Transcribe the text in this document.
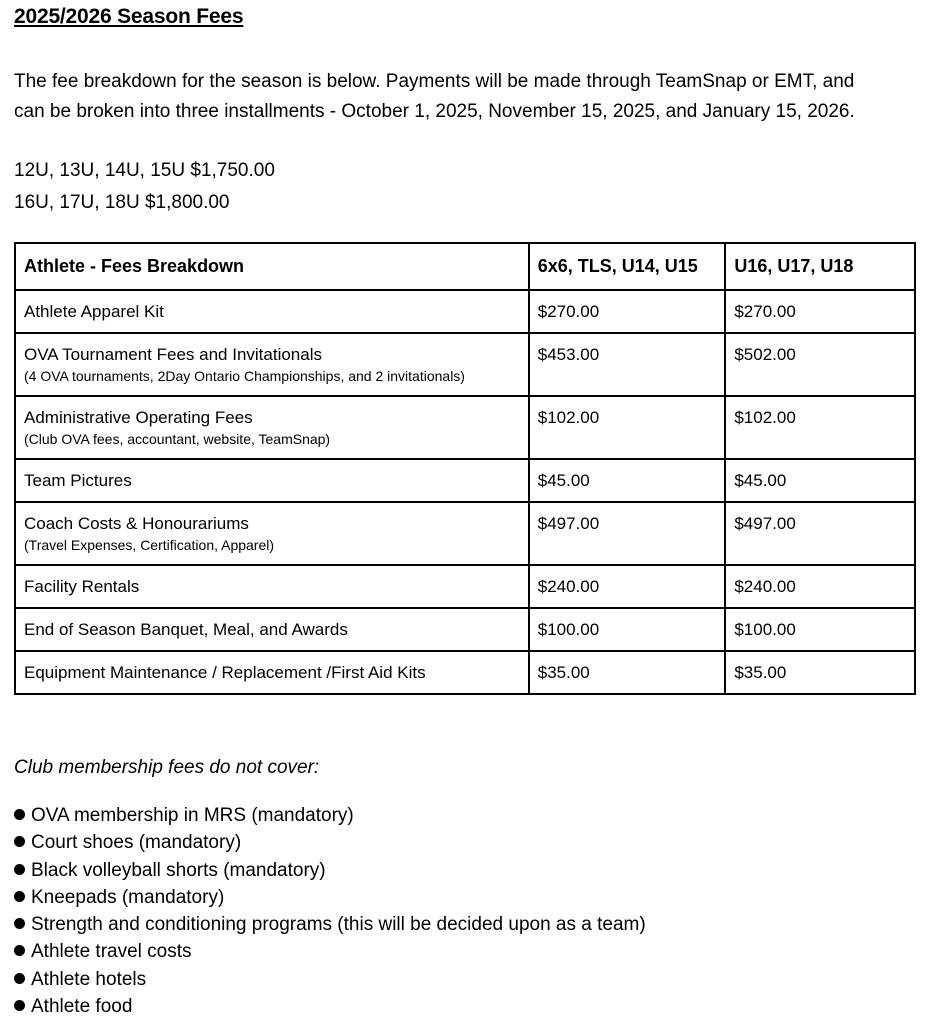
2025/2026 Season Fees

The fee breakdown for the season is below. Payments will be made through TeamSnap or EMT, and

can be broken into three installments - October 1, 2025, November 15, 2025, and January 15, 2026.

12U, 13U, 14U, 15U $1,750.00
16U, 17U, 18U $1,800.00
Athlete - Fees Breakdown	6x6, TLS, U14, U15	U16, U17, U18
Athlete Apparel Kit	$270.00	$270.00
OVA Tournament Fees and Invitationals
(4 OVA tournaments, 2Day Ontario Championships, and 2 invitationals)	$453.00	$502.00
Administrative Operating Fees
(Club OVA fees, accountant, website, TeamSnap)	$102.00	$102.00
Team Pictures	$45.00	$45.00
Coach Costs & Honourariums
(Travel Expenses, Certification, Apparel)	$497.00	$497.00
Facility Rentals	$240.00	$240.00
End of Season Banquet, Meal, and Awards	$100.00	$100.00
Equipment Maintenance / Replacement /First Aid Kits	$35.00	$35.00
Club membership fees do not cover:
OVA membership in MRS (mandatory)
Court shoes (mandatory)
Black volleyball shorts (mandatory)
Kneepads (mandatory)
Strength and conditioning programs (this will be decided upon as a team)
Athlete travel costs
Athlete hotels
Athlete food
